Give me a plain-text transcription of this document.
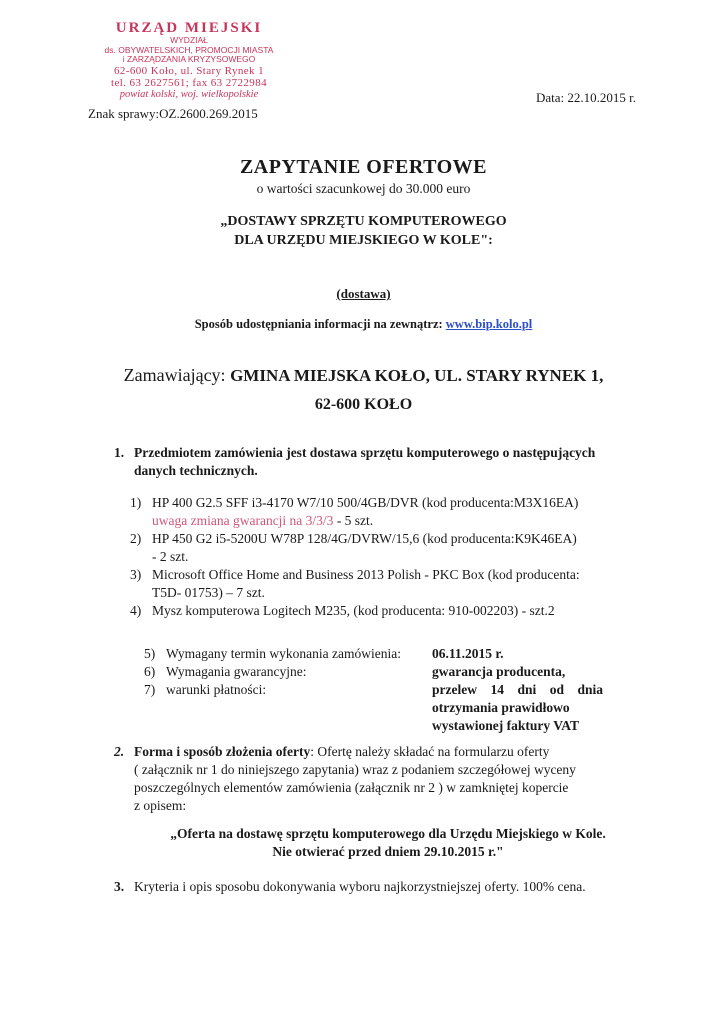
URZĄD MIEJSKI
WYDZIAŁ
ds. OBYWATELSKICH, PROMOCJI MIASTA
i ZARZĄDZANIA KRYZYSOWEGO
62-600 Koło, ul. Stary Rynek 1
tel. 63 2627561; fax 63 2722984
powiat kolski, woj. wielkopolskie
Znak sprawy:OZ.2600.269.2015
Data: 22.10.2015 r.
ZAPYTANIE OFERTOWE
o wartości szacunkowej do 30.000 euro
„DOSTAWY SPRZĘTU KOMPUTEROWEGO
DLA URZĘDU MIEJSKIEGO W KOLE":
(dostawa)
Sposób udostępniania informacji na zewnątrz: www.bip.kolo.pl
Zamawiający: GMINA MIEJSKA KOŁO, UL. STARY RYNEK 1,
62-600 KOŁO
1. Przedmiotem zamówienia jest dostawa sprzętu komputerowego o następujących
danych technicznych.
1) HP 400 G2.5 SFF i3-4170 W7/10 500/4GB/DVR (kod producenta:M3X16EA)
uwaga zmiana gwarancji na 3/3/3 - 5 szt.
2) HP 450 G2 i5-5200U W78P 128/4G/DVRW/15,6 (kod producenta:K9K46EA)
- 2 szt.
3) Microsoft Office Home and Business 2013 Polish - PKC Box (kod producenta:
T5D- 01753) – 7 szt.
4) Mysz komputerowa Logitech M235, (kod producenta: 910-002203) - szt.2
5) Wymagany termin wykonania zamówienia: 06.11.2015 r.
6) Wymagania gwarancyjne:	gwarancja producenta,
7) warunki płatności:	przelew    14    dni    od    dnia
otrzymania prawidłowo
wystawionej faktury VAT
2. Forma i sposób złożenia oferty: Ofertę należy składać na formularzu oferty
( załącznik nr 1 do niniejszego zapytania) wraz z podaniem szczegółowej wyceny
poszczególnych elementów zamówienia (załącznik nr 2 ) w zamkniętej kopercie
z opisem:
„Oferta na dostawę sprzętu komputerowego dla Urzędu Miejskiego w Kole.
Nie otwierać przed dniem 29.10.2015 r."
3. Kryteria i opis sposobu dokonywania wyboru najkorzystniejszej oferty. 100% cena.
